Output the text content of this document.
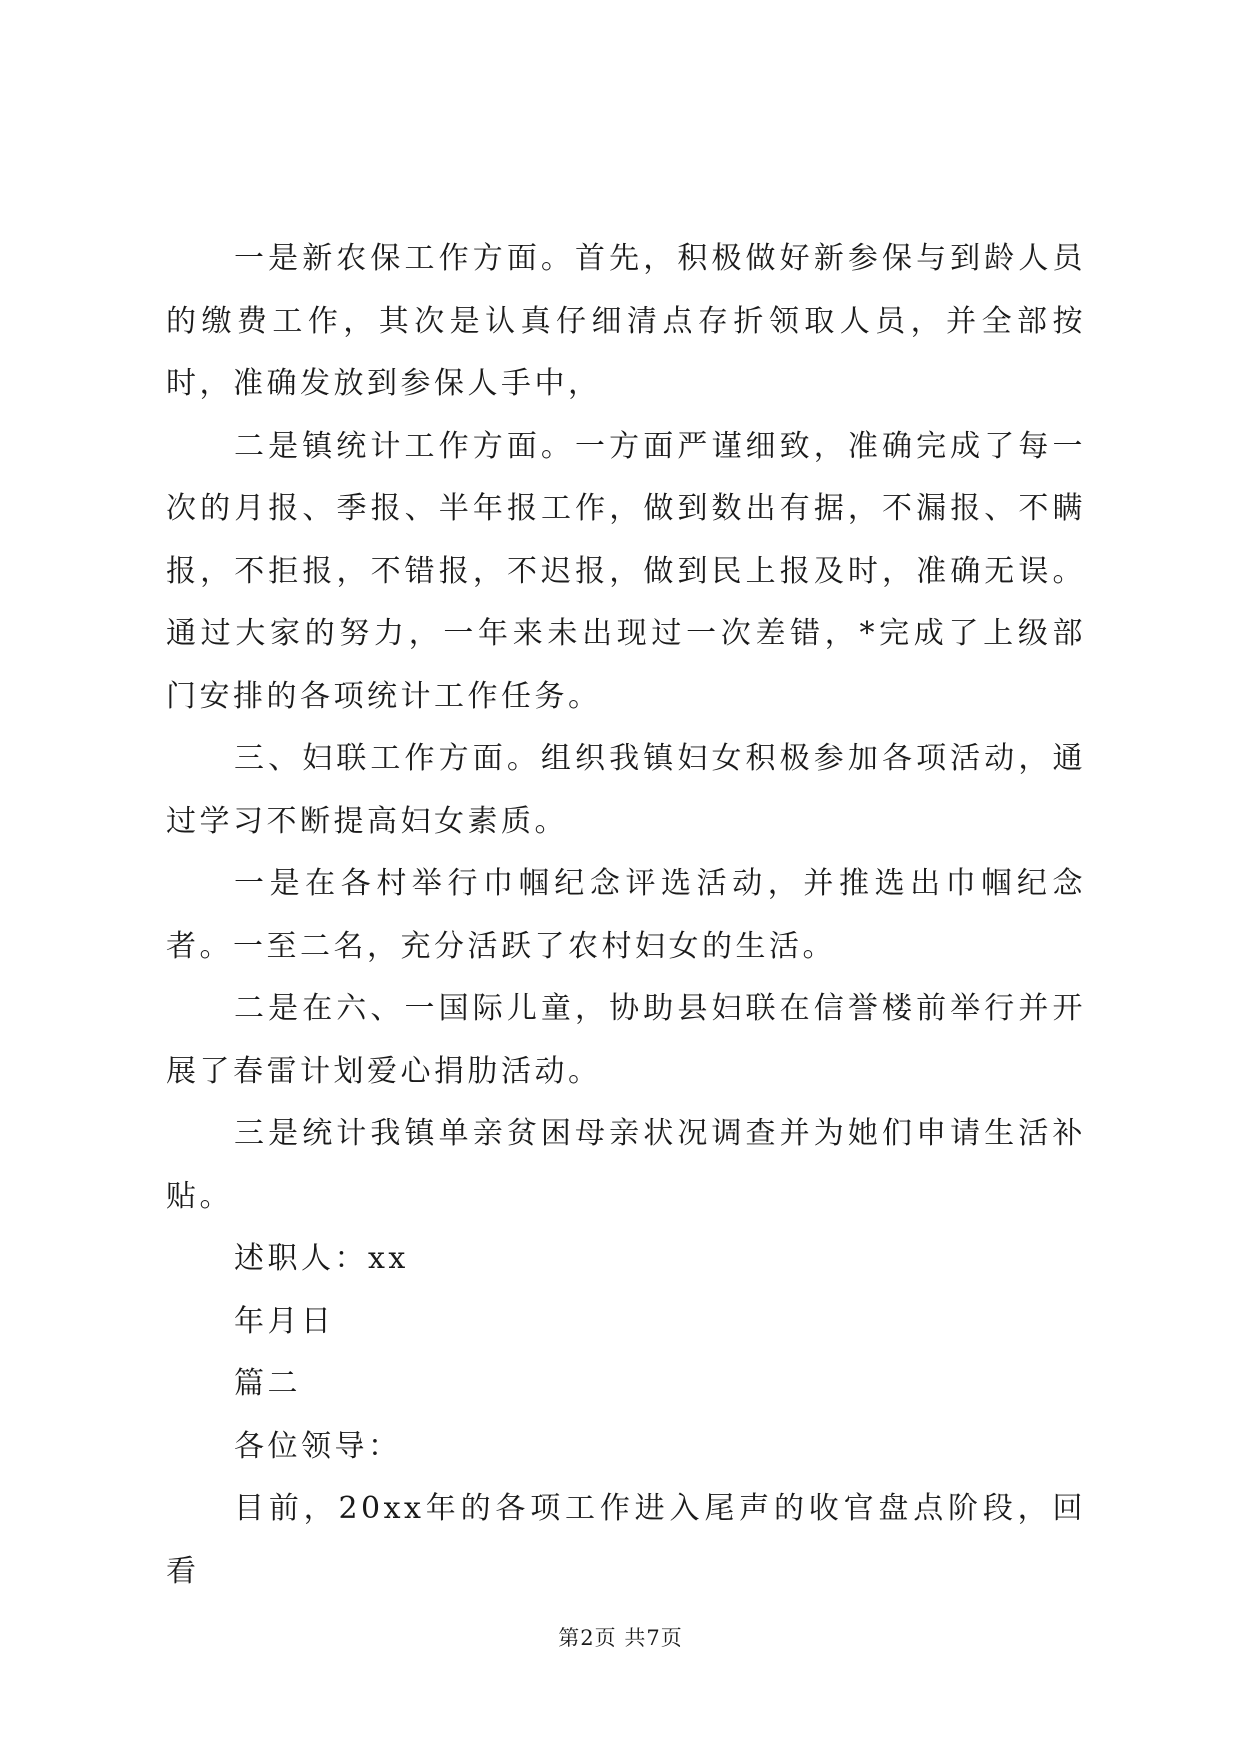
一是新农保工作方面。首先，积极做好新参保与到龄人员的缴费工作，其次是认真仔细清点存折领取人员，并全部按时，准确发放到参保人手中，

二是镇统计工作方面。一方面严谨细致，准确完成了每一次的月报、季报、半年报工作，做到数出有据，不漏报、不瞒报，不拒报，不错报，不迟报，做到民上报及时，准确无误。通过大家的努力，一年来未出现过一次差错，*完成了上级部门安排的各项统计工作任务。

三、妇联工作方面。组织我镇妇女积极参加各项活动，通过学习不断提高妇女素质。

一是在各村举行巾帼纪念评选活动，并推选出巾帼纪念者。一至二名，充分活跃了农村妇女的生活。

二是在六、一国际儿童，协助县妇联在信誉楼前举行并开展了春雷计划爱心捐肋活动。

三是统计我镇单亲贫困母亲状况调查并为她们申请生活补贴。

述职人：xx

年月日

篇二

各位领导：

目前，20xx年的各项工作进入尾声的收官盘点阶段，回看

第2页 共7页
